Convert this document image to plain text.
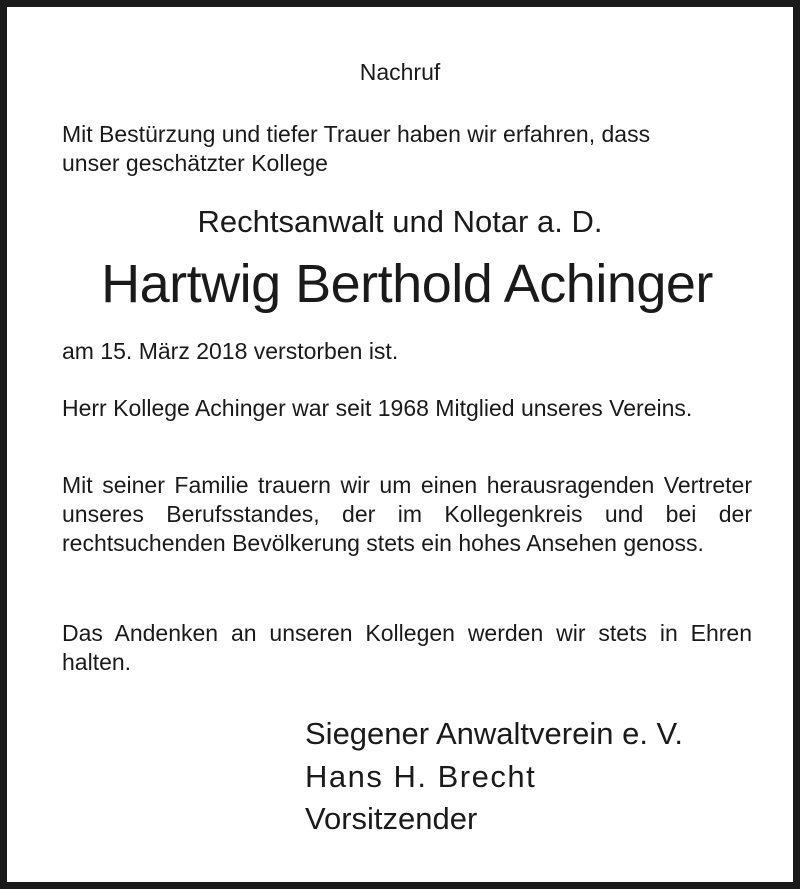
Nachruf

Mit Bestürzung und tiefer Trauer haben wir erfahren, dass

unser geschätzter Kollege

Rechtsanwalt und Notar a. D.

Hartwig Berthold Achinger

am 15. März 2018 verstorben ist.

Herr Kollege Achinger war seit 1968 Mitglied unseres Vereins.

Mit seiner Familie trauern wir um einen herausragenden Vertreter unseres Berufsstandes, der im Kollegenkreis und bei der rechtsuchenden Bevölkerung stets ein hohes Ansehen genoss.

Das Andenken an unseren Kollegen werden wir stets in Ehren halten.

Siegener Anwaltverein e. V.

Hans H. Brecht

Vorsitzender
